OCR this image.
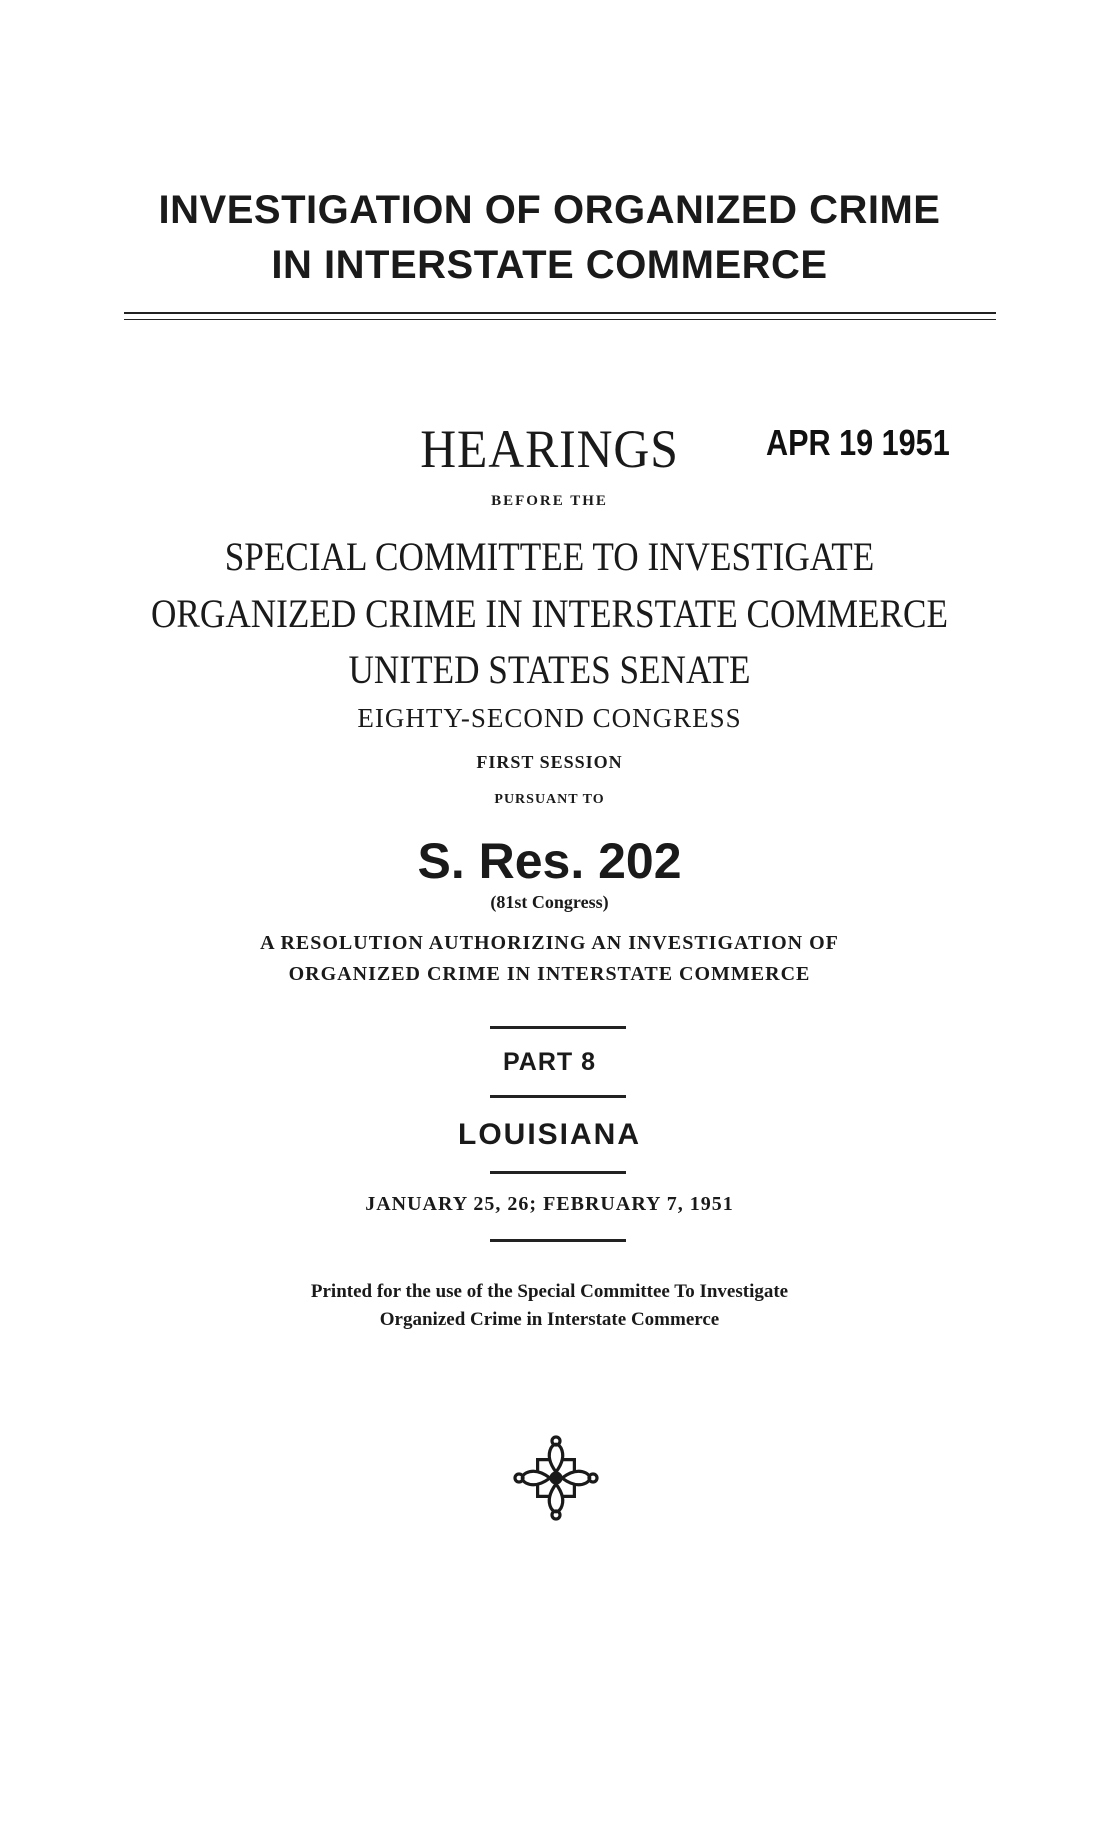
INVESTIGATION OF ORGANIZED CRIME
IN INTERSTATE COMMERCE
HEARINGS	APR 19 1951
BEFORE THE
SPECIAL COMMITTEE TO INVESTIGATE
ORGANIZED CRIME IN INTERSTATE COMMERCE
UNITED STATES SENATE
EIGHTY-SECOND CONGRESS
FIRST SESSION
PURSUANT TO
S. Res. 202
(81st Congress)
A RESOLUTION AUTHORIZING AN INVESTIGATION OF
ORGANIZED CRIME IN INTERSTATE COMMERCE
PART 8
LOUISIANA
JANUARY 25, 26; FEBRUARY 7, 1951
Printed for the use of the Special Committee To Investigate
Organized Crime in Interstate Commerce
